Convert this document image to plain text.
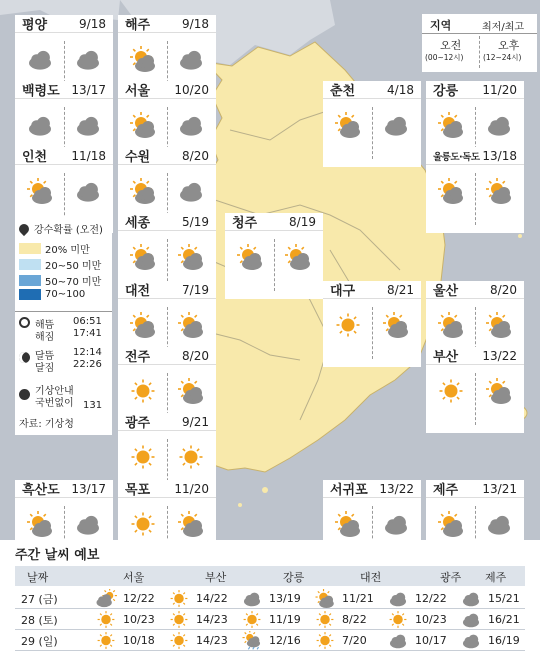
평양	9/18 해주	9/18
백령도 13/17 서울 10/20	춘천	4/18 강릉 11/20
인천 11/18 수원	8/20	울릉도·독도 13/18
세종	5/19 청주	8/19
대전	7/19	대구	8/21 울산	8/20
전주	8/20	부산 13/22
광주	9/21
흑산도 13/17 목포 11/20	서귀포 13/22 제주 13/21
지역	최저/최고
오전
(00~12시)
오후
(12~24시)
강수확률 (오전)
20% 미만
20~50 미만
50~70 미만
70~100
해뜸 06:51
해짐 17:41
달뜸 12:14
달짐 22:26
기상안내
국번없이 131
자료: 기상청
주간 날씨 예보
날짜	서울	부산	강릉	대전	광주 제주
27 (금)	12/22	14/22	13/19	11/21	12/22	15/21
28 (토)	10/23	14/23	11/19	8/22	10/23	16/21
29 (일)	10/18	14/23	12/16	7/20	10/17	16/19
